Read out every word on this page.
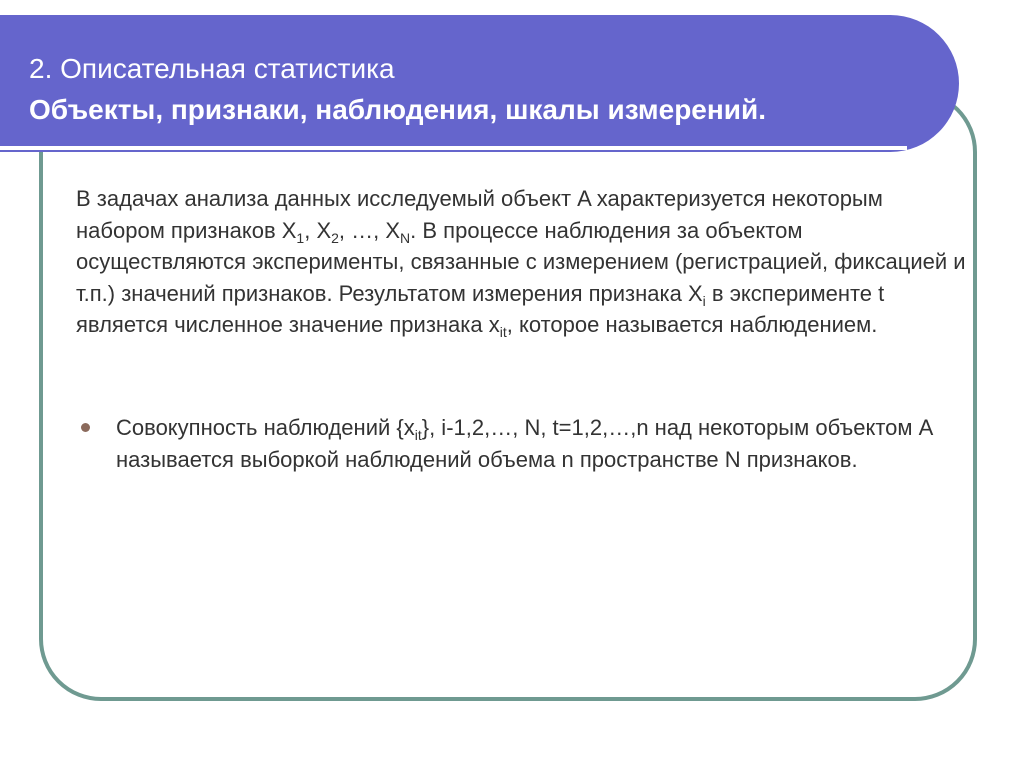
2. Описательная статистика
Объекты, признаки, наблюдения, шкалы измерений.

В задачах анализа данных исследуемый объект A характеризуется некоторым набором признаков $X_1$, $X_2$, …, $X_N$. В процессе наблюдения за объектом осуществляются эксперименты, связанные с измерением (регистрацией, фиксацией и т.п.) значений признаков. Результатом измерения признака $X_i$ в эксперименте t является численное значение признака $x_{it}$, которое называется наблюдением.

Совокупность наблюдений $\{x_{it}\}$, i-1,2,…, N, t=1,2,…,n над некоторым объектом A называется выборкой наблюдений объема n пространстве N признаков.
